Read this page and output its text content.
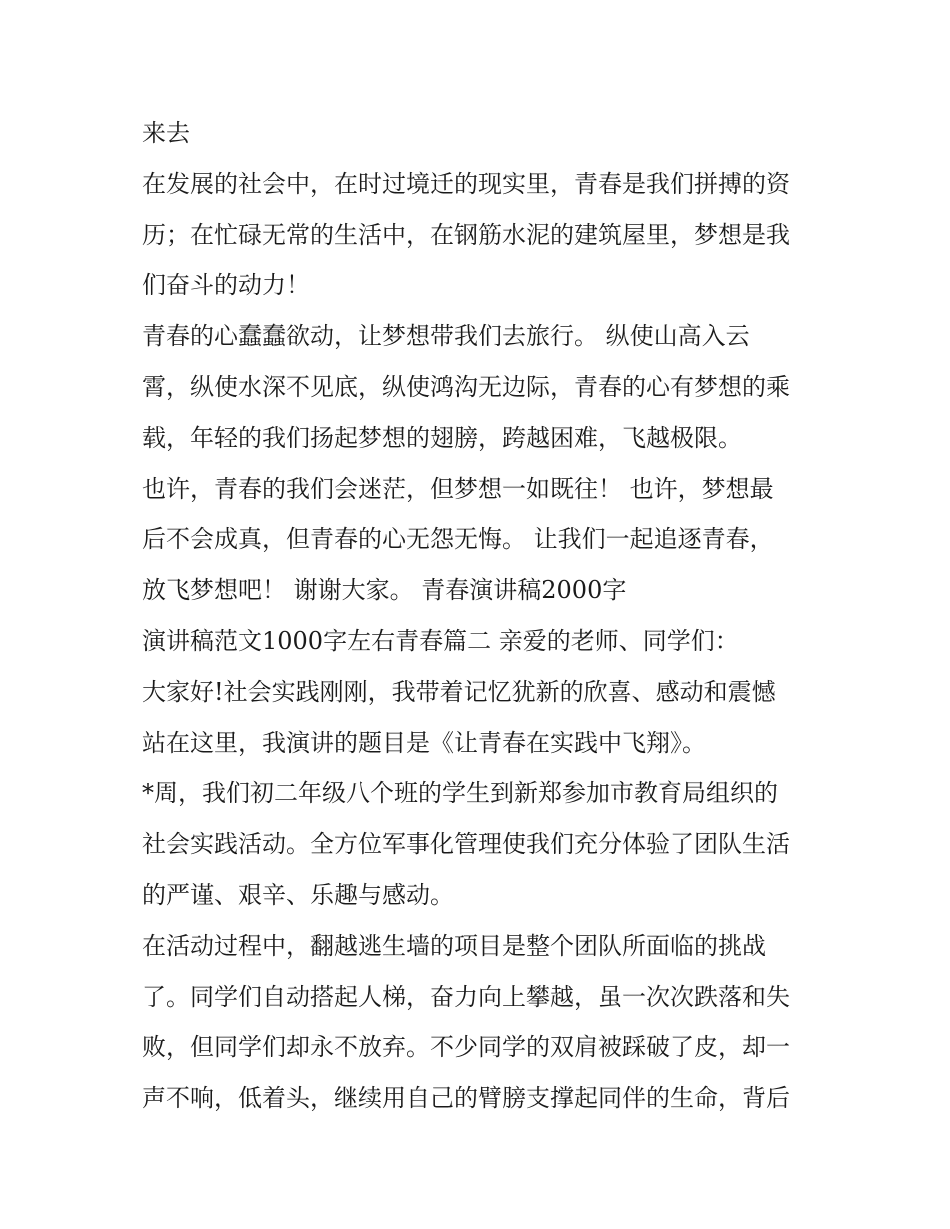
来去
在发展的社会中，在时过境迁的现实里，青春是我们拼搏的资
历；在忙碌无常的生活中，在钢筋水泥的建筑屋里，梦想是我
们奋斗的动力！
青春的心蠢蠢欲动，让梦想带我们去旅行。 纵使山高入云
霄，纵使水深不见底，纵使鸿沟无边际，青春的心有梦想的乘
载，年轻的我们扬起梦想的翅膀，跨越困难，飞越极限。
也许，青春的我们会迷茫，但梦想一如既往！ 也许，梦想最
后不会成真，但青春的心无怨无悔。 让我们一起追逐青春，
放飞梦想吧！ 谢谢大家。 青春演讲稿2000字
演讲稿范文1000字左右青春篇二 亲爱的老师、同学们：
大家好!社会实践刚刚，我带着记忆犹新的欣喜、感动和震憾
站在这里，我演讲的题目是《让青春在实践中飞翔》。
*周，我们初二年级八个班的学生到新郑参加市教育局组织的
社会实践活动。全方位军事化管理使我们充分体验了团队生活
的严谨、艰辛、乐趣与感动。
在活动过程中，翻越逃生墙的项目是整个团队所面临的挑战
了。同学们自动搭起人梯，奋力向上攀越，虽一次次跌落和失
败，但同学们却永不放弃。不少同学的双肩被踩破了皮，却一
声不响，低着头，继续用自己的臂膀支撑起同伴的生命，背后
